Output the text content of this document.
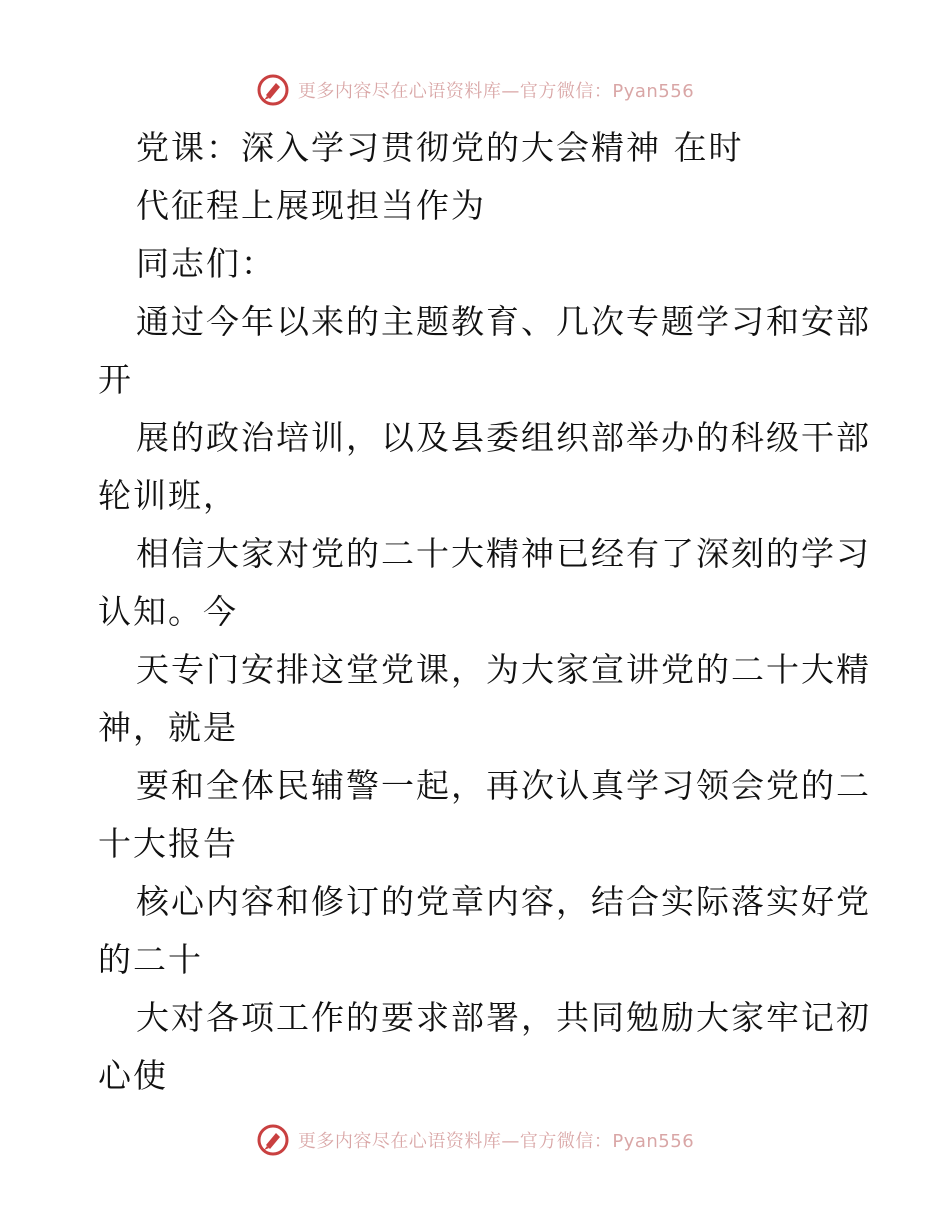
更多内容尽在心语资料库—官方微信：Pyan556
党课：深入学习贯彻党的大会精神 在时
代征程上展现担当作为
同志们：
通过今年以来的主题教育、几次专题学习和安部
开
展的政治培训，以及县委组织部举办的科级干部
轮训班，
相信大家对党的二十大精神已经有了深刻的学习
认知。今
天专门安排这堂党课，为大家宣讲党的二十大精
神，就是
要和全体民辅警一起，再次认真学习领会党的二
十大报告
核心内容和修订的党章内容，结合实际落实好党
的二十
大对各项工作的要求部署，共同勉励大家牢记初
心使
更多内容尽在心语资料库—官方微信：Pyan556
